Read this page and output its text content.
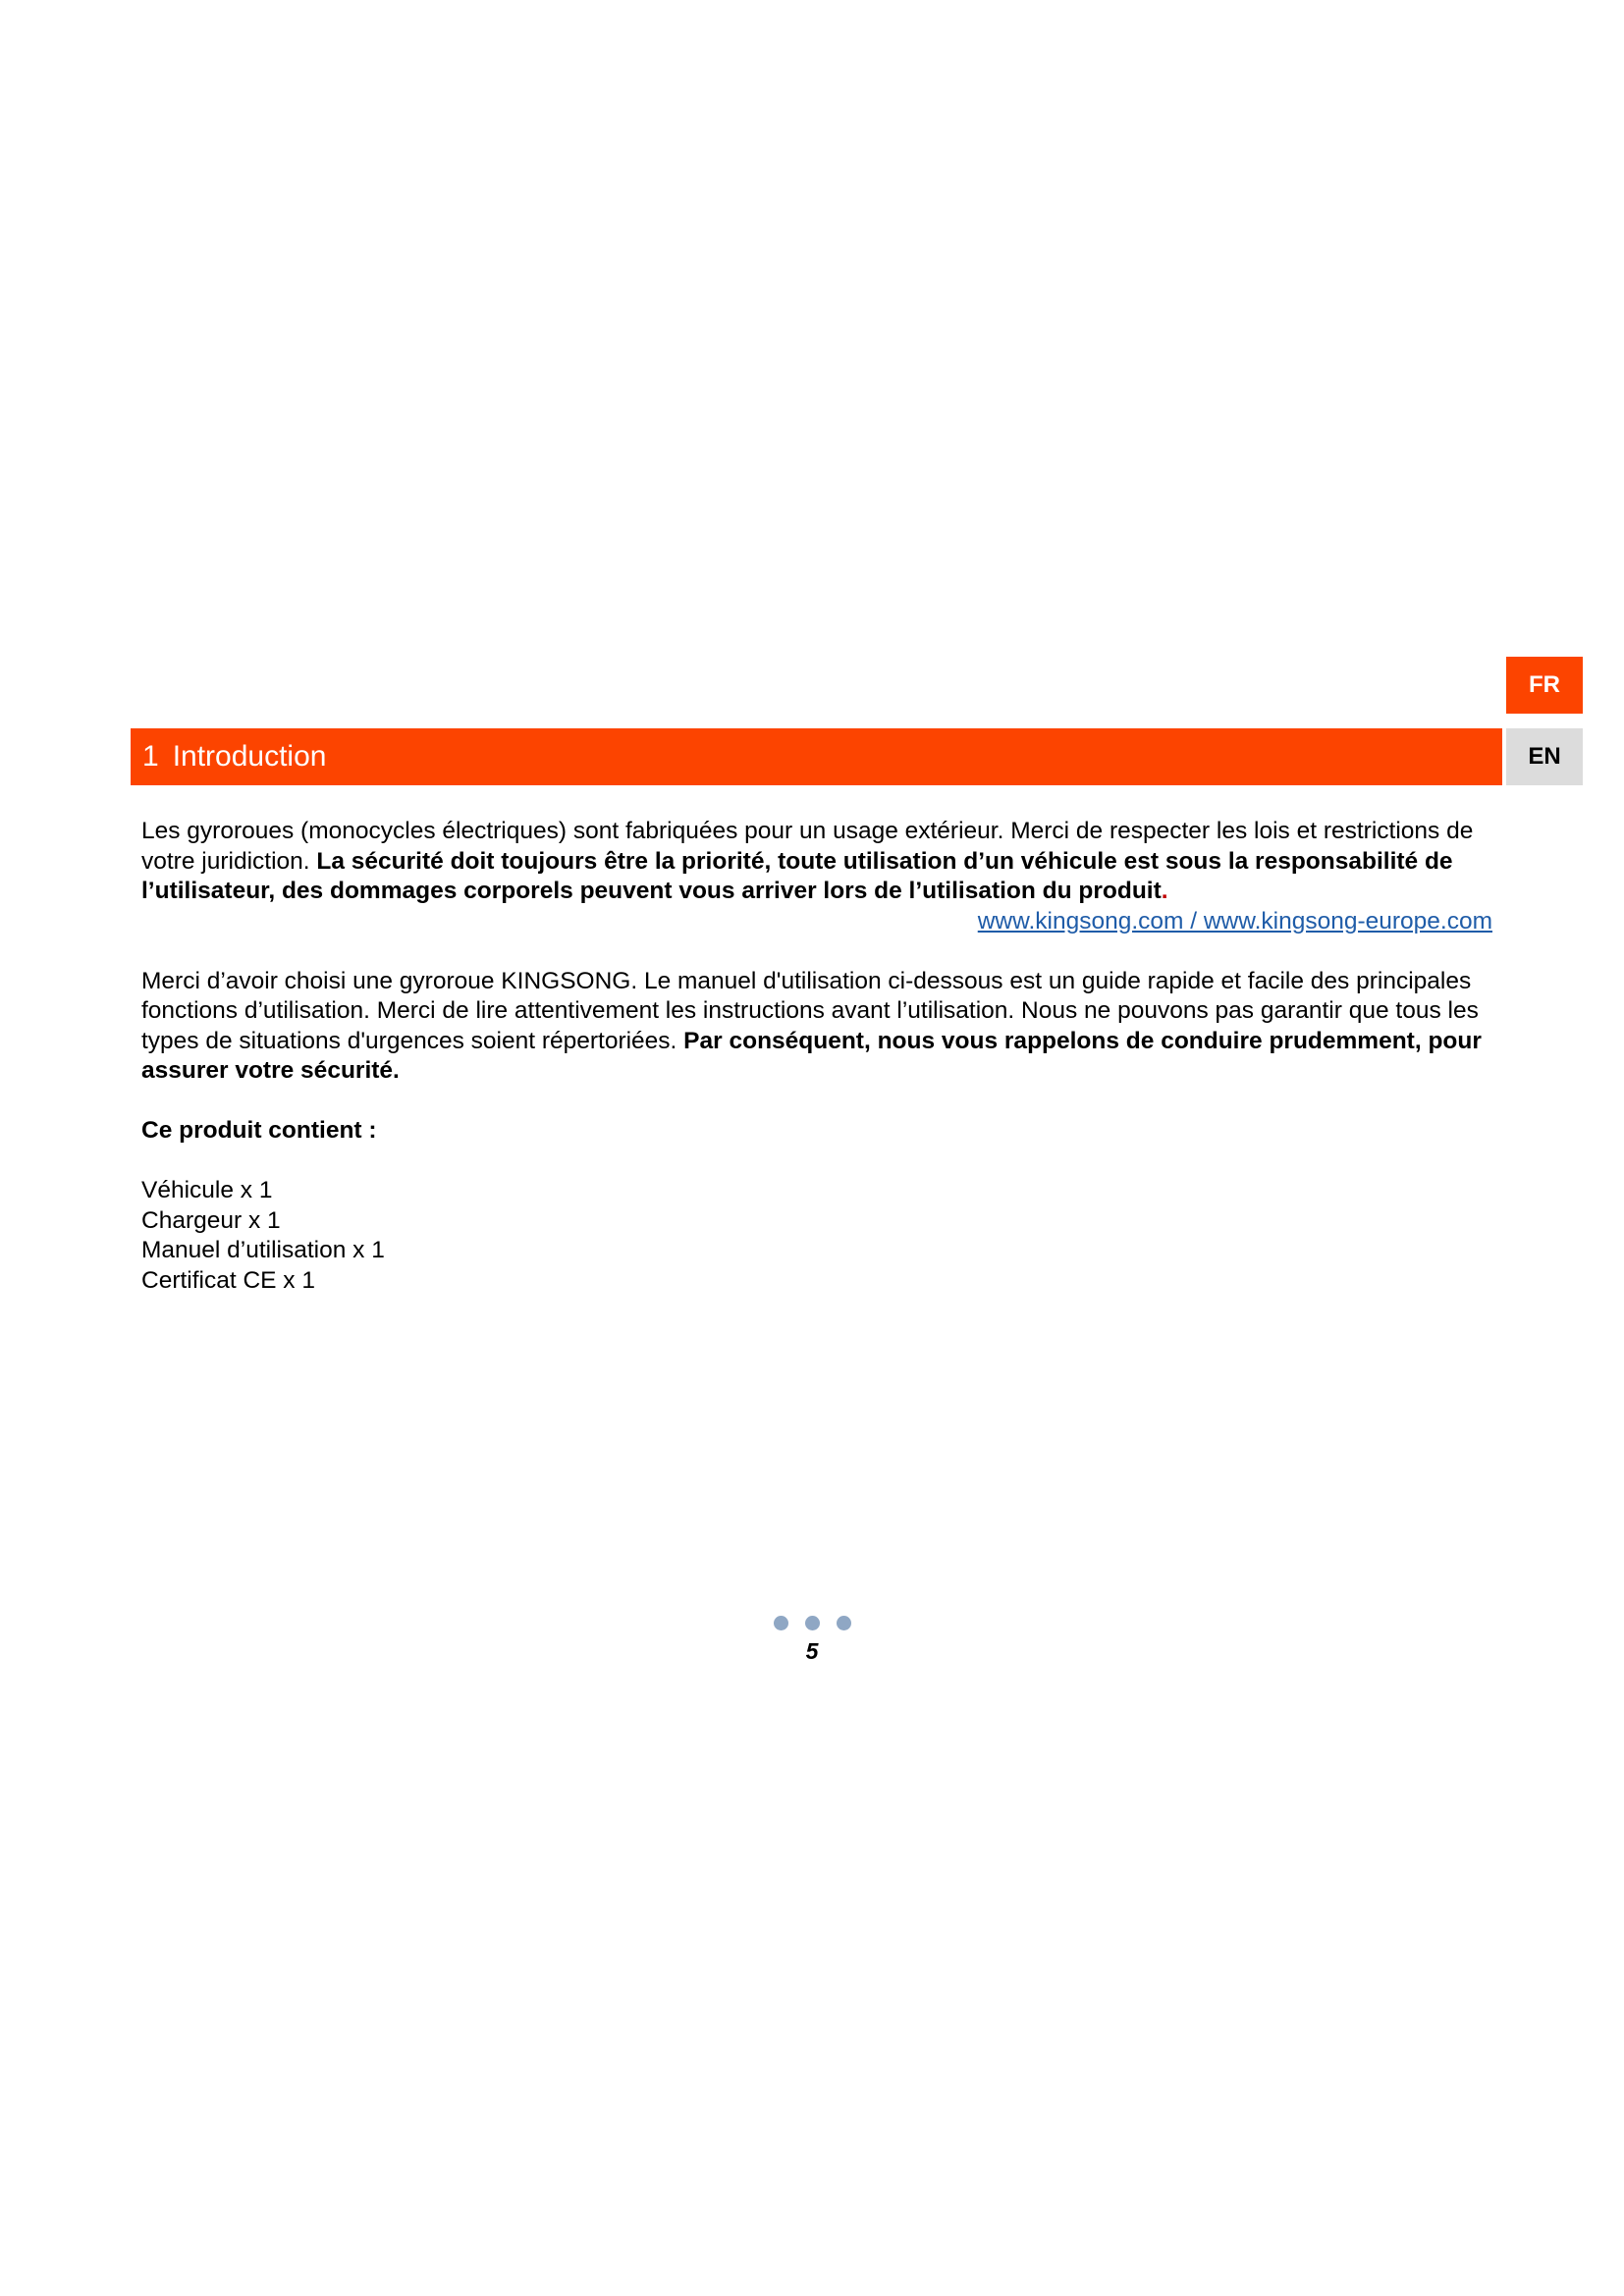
FR
EN
1 Introduction

Les gyroroues (monocycles électriques) sont fabriquées pour un usage extérieur. Merci de respecter les lois et restrictions de votre juridiction. La sécurité doit toujours être la priorité, toute utilisation d’un véhicule est sous la responsabilité de l’utilisateur, des dommages corporels peuvent vous arriver lors de l’utilisation du produit.

www.kingsong.com / www.kingsong-europe.com

Merci d’avoir choisi une gyroroue KINGSONG. Le manuel d'utilisation ci-dessous est un guide rapide et facile des principales fonctions d’utilisation. Merci de lire attentivement les instructions avant l’utilisation. Nous ne pouvons pas garantir que tous les types de situations d'urgences soient répertoriées. Par conséquent, nous vous rappelons de conduire prudemment, pour assurer votre sécurité.

Ce produit contient :

Véhicule x 1

Chargeur x 1

Manuel d’utilisation x 1

Certificat CE x 1

5
